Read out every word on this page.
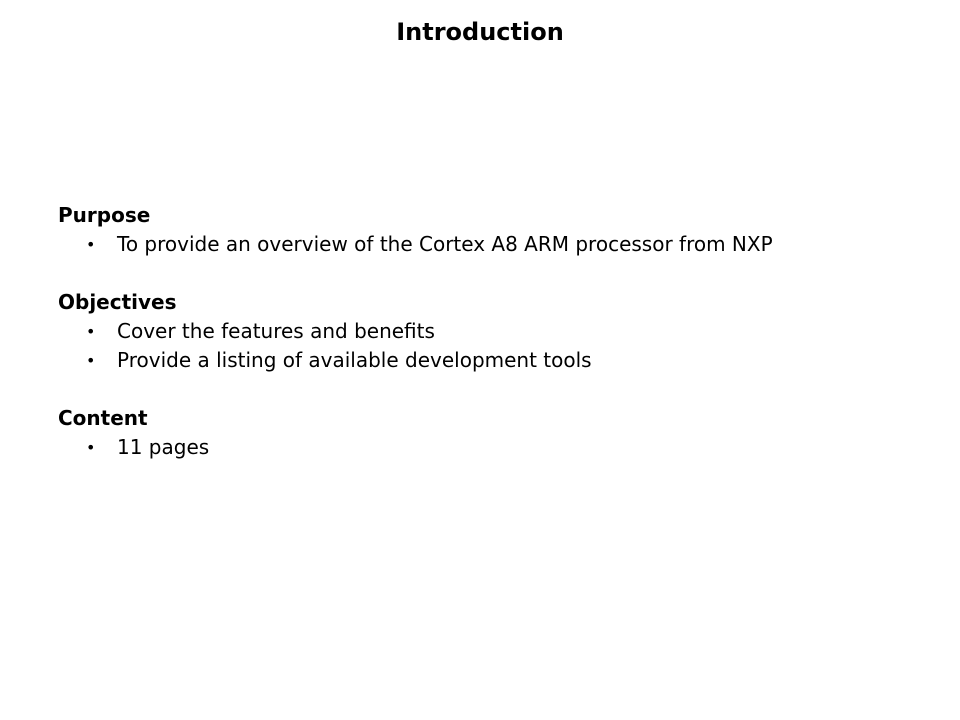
Introduction
Purpose
• To provide an overview of the Cortex A8 ARM processor from NXP
Objectives
• Cover the features and benefits
• Provide a listing of available development tools
Content
• 11 pages
